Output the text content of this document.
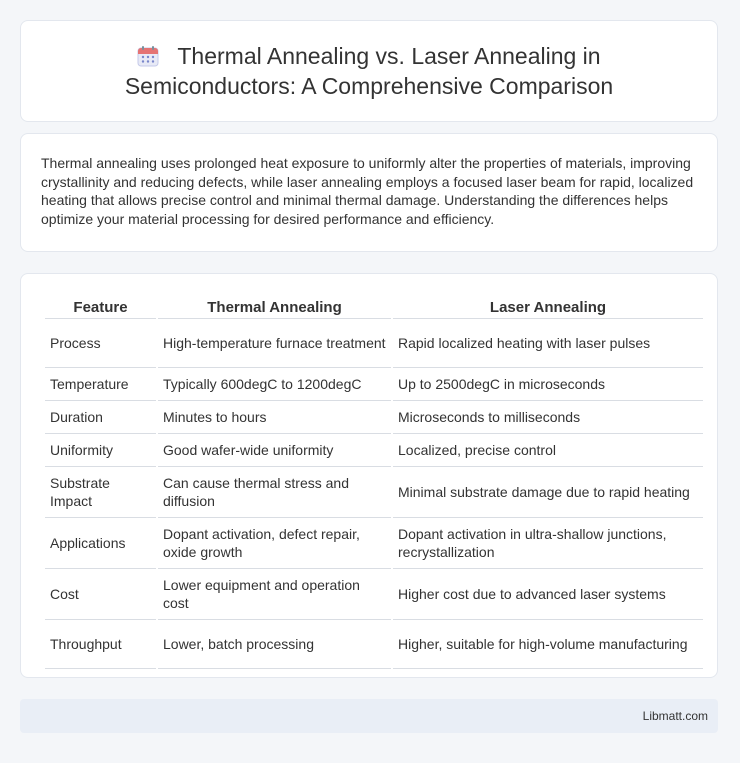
Thermal Annealing vs. Laser Annealing in
Semiconductors: A Comprehensive Comparison

Thermal annealing uses prolonged heat exposure to uniformly alter the properties of materials, improving crystallinity and reducing defects, while laser annealing employs a focused laser beam for rapid, localized heating that allows precise control and minimal thermal damage. Understanding the differences helps optimize your material processing for desired performance and efficiency.

Feature	Thermal Annealing	Laser Annealing
Process	High-temperature furnace treatment	Rapid localized heating with laser pulses
Temperature	Typically 600degC to 1200degC	Up to 2500degC in microseconds
Duration	Minutes to hours	Microseconds to milliseconds
Uniformity	Good wafer-wide uniformity	Localized, precise control
Substrate Impact	Can cause thermal stress and diffusion	Minimal substrate damage due to rapid heating
Applications	Dopant activation, defect repair, oxide growth	Dopant activation in ultra-shallow junctions, recrystallization
Cost	Lower equipment and operation cost	Higher cost due to advanced laser systems
Throughput	Lower, batch processing	Higher, suitable for high-volume manufacturing
Libmatt.com
